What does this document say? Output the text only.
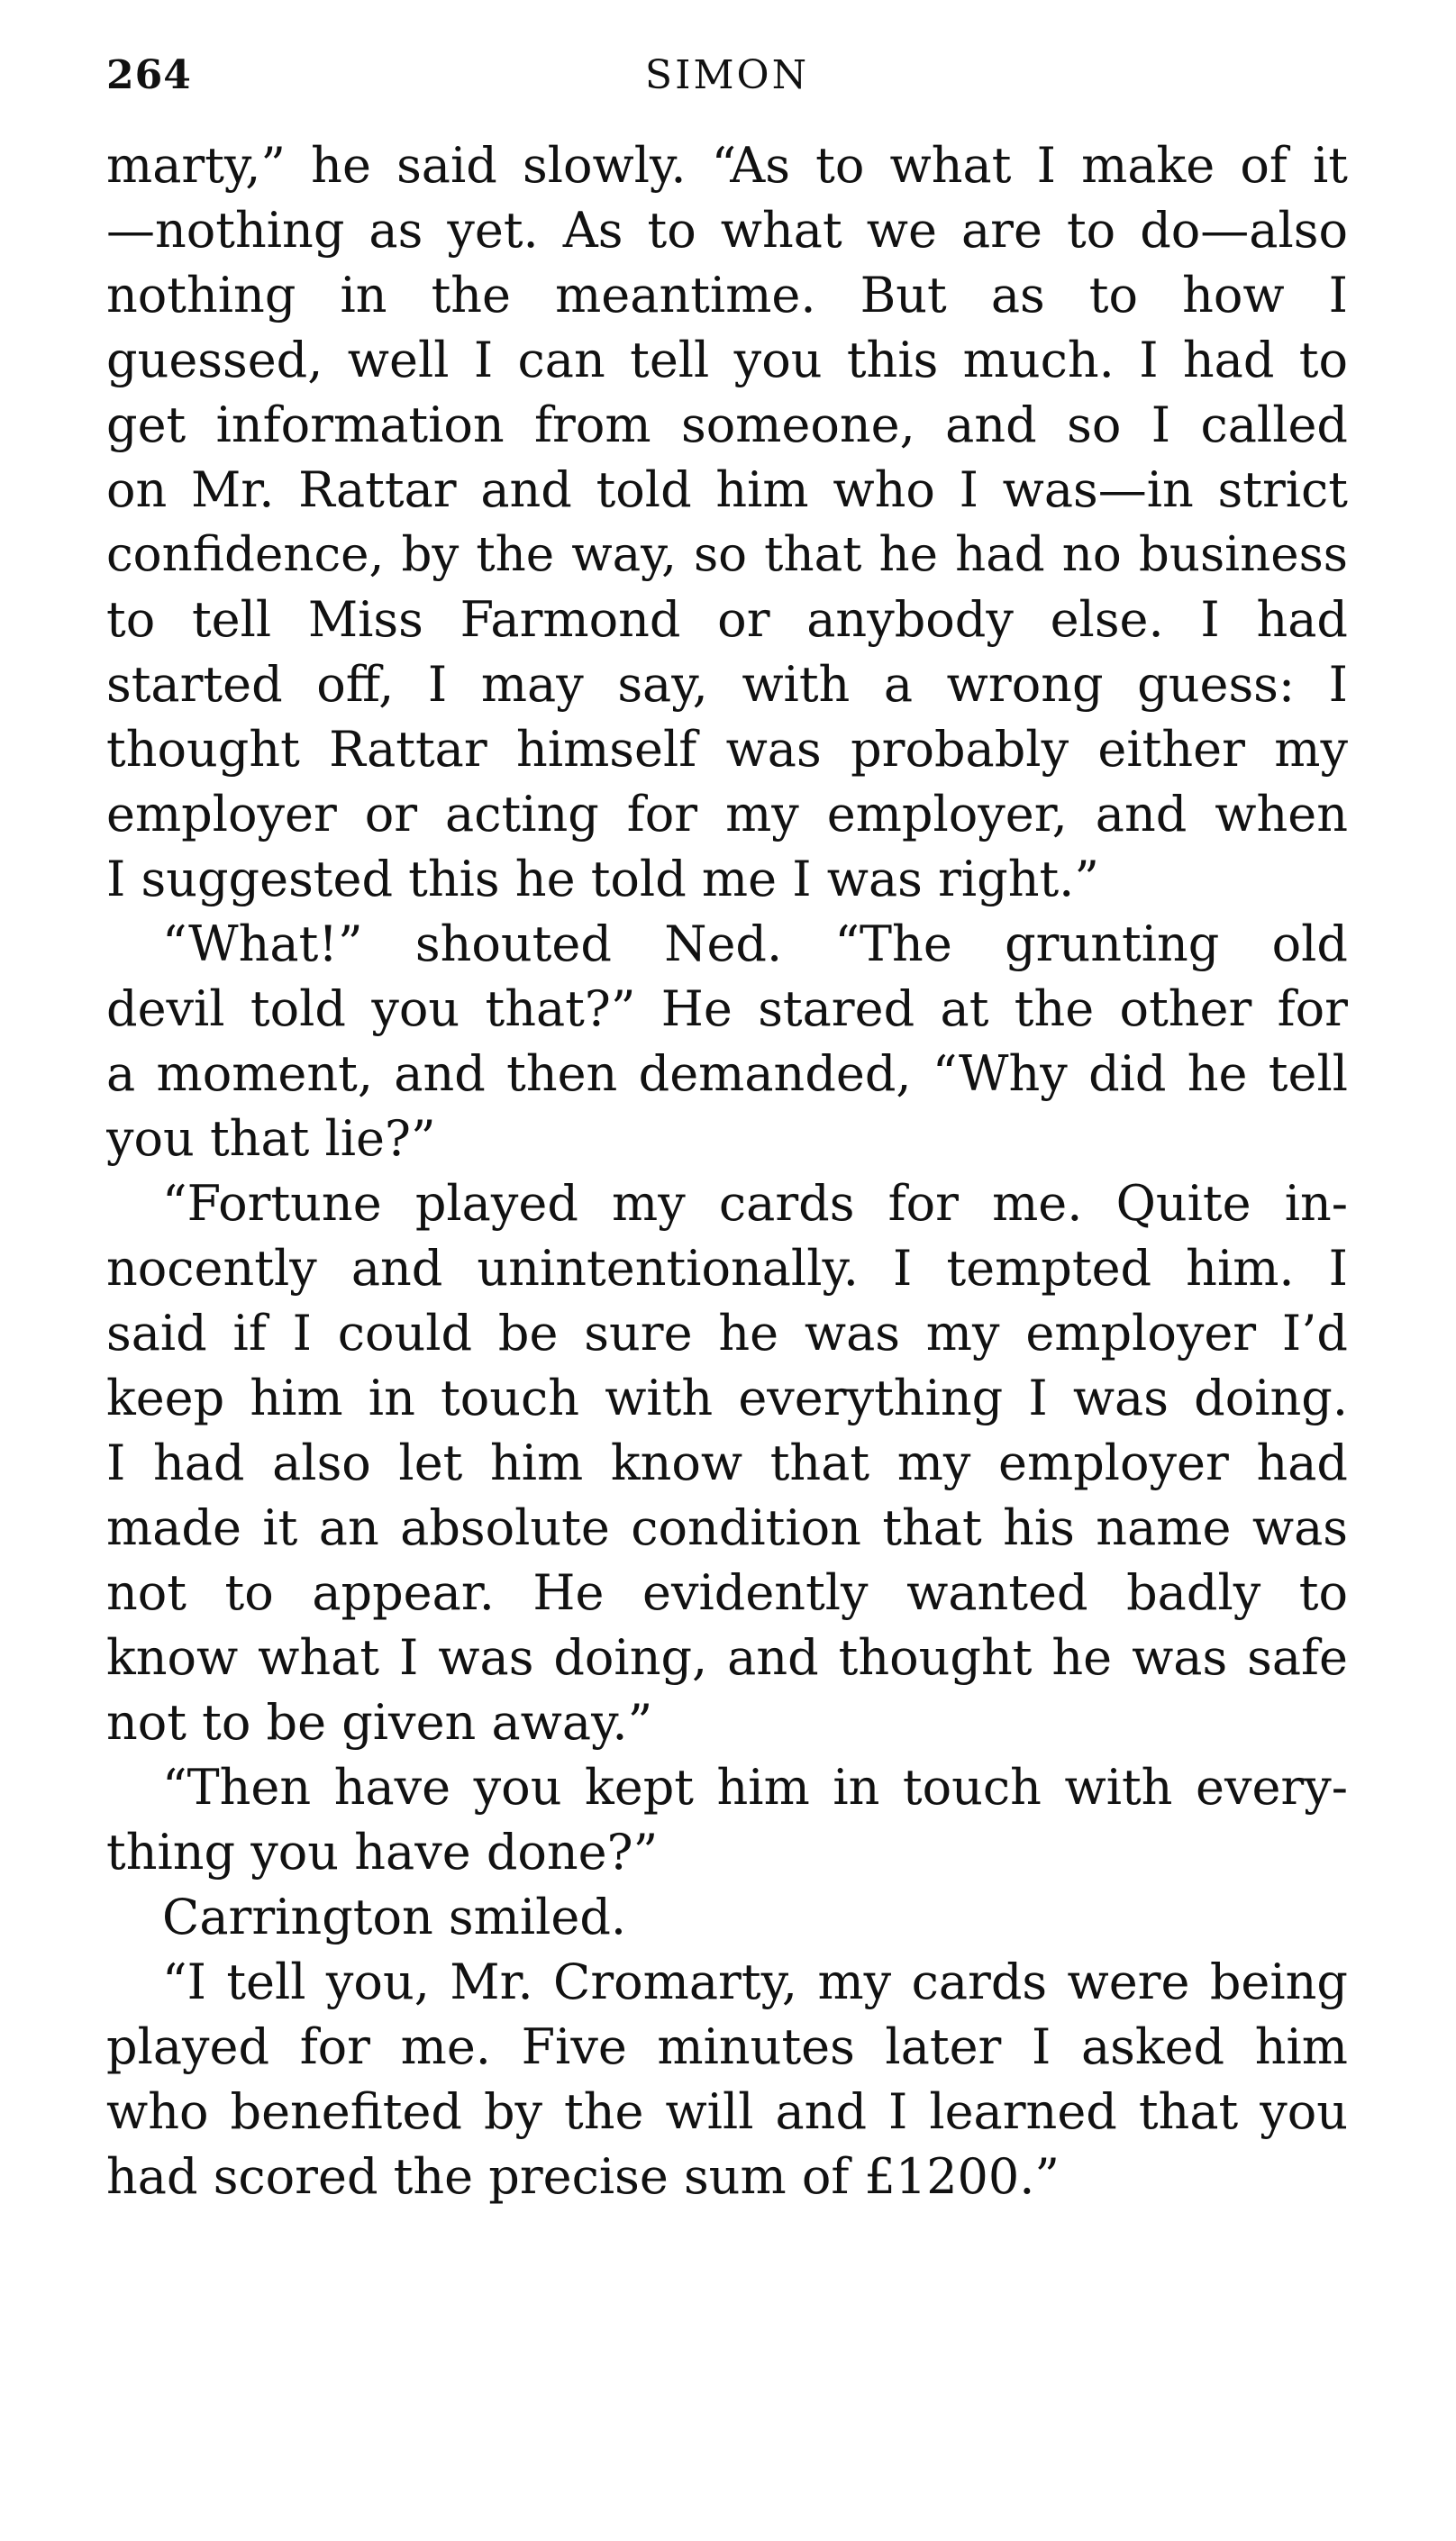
264	SIMON
marty,” he said slowly. “As to what I make of it
—nothing as yet. As to what we are to do—also
nothing in the meantime. But as to how I
guessed, well I can tell you this much. I had to
get information from someone, and so I called
on Mr. Rattar and told him who I was—in strict
confidence, by the way, so that he had no business
to tell Miss Farmond or anybody else. I had
started off, I may say, with a wrong guess: I
thought Rattar himself was probably either my
employer or acting for my employer, and when
I suggested this he told me I was right.”
“What!” shouted Ned. “The grunting old
devil told you that?” He stared at the other for
a moment, and then demanded, “Why did he tell
you that lie?”
“Fortune played my cards for me. Quite in-
nocently and unintentionally. I tempted him. I
said if I could be sure he was my employer I’d
keep him in touch with everything I was doing.
I had also let him know that my employer had
made it an absolute condition that his name was
not to appear. He evidently wanted badly to
know what I was doing, and thought he was safe
not to be given away.”
“Then have you kept him in touch with every-
thing you have done?”
Carrington smiled.
“I tell you, Mr. Cromarty, my cards were being
played for me. Five minutes later I asked him
who benefited by the will and I learned that you
had scored the precise sum of £1200.”
